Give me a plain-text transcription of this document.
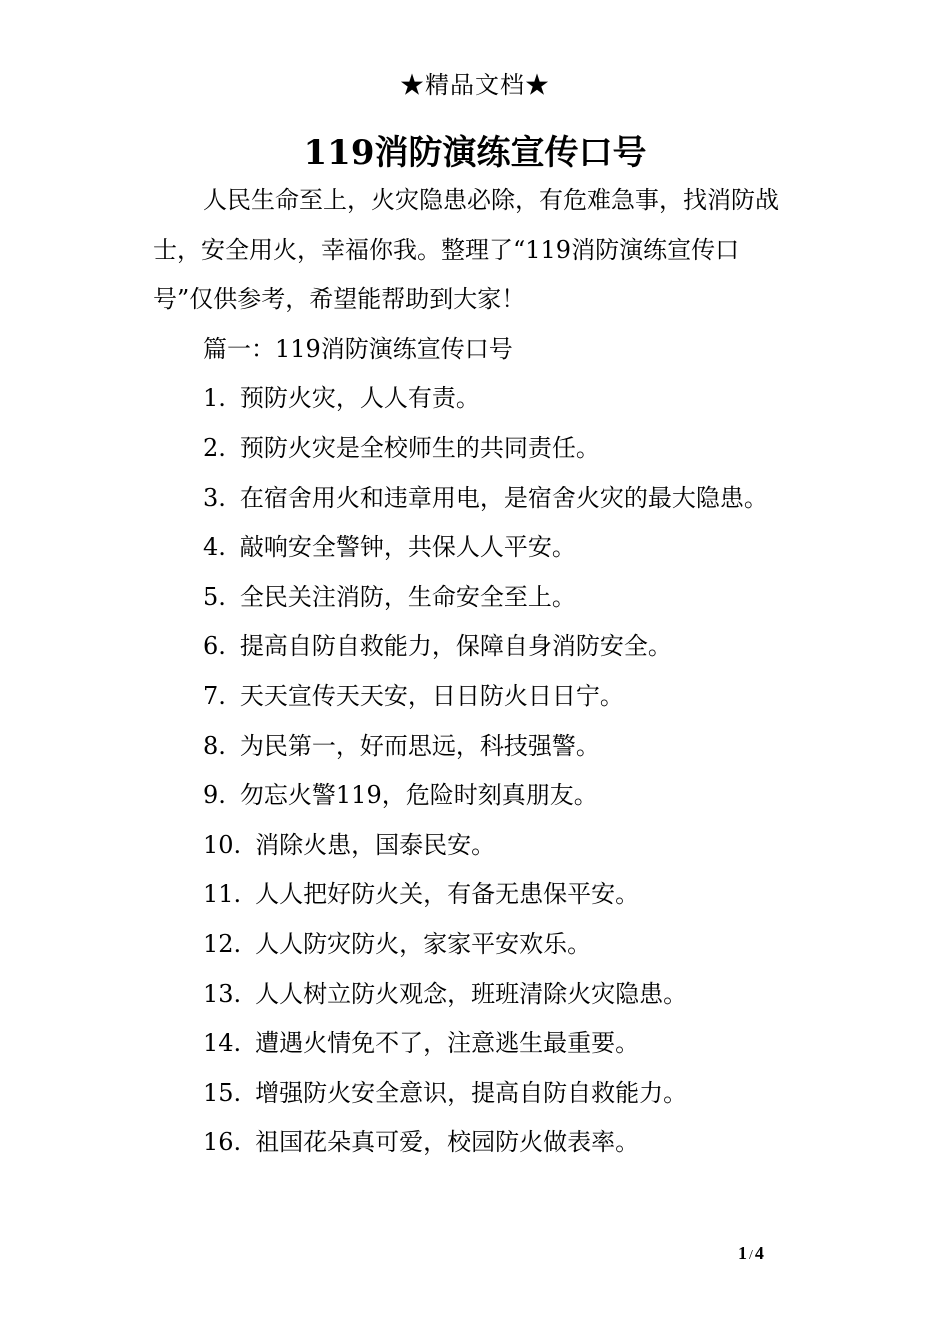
★精品文档★
119消防演练宣传口号

人民生命至上，火灾隐患必除，有危难急事，找消防战士，安全用火，幸福你我。整理了“119消防演练宣传口号”仅供参考，希望能帮助到大家！

篇一：119消防演练宣传口号

1. 预防火灾，人人有责。
2. 预防火灾是全校师生的共同责任。
3. 在宿舍用火和违章用电，是宿舍火灾的最大隐患。
4. 敲响安全警钟，共保人人平安。
5. 全民关注消防，生命安全至上。
6. 提高自防自救能力，保障自身消防安全。
7. 天天宣传天天安，日日防火日日宁。
8. 为民第一，好而思远，科技强警。
9. 勿忘火警119，危险时刻真朋友。
10. 消除火患，国泰民安。
11. 人人把好防火关，有备无患保平安。
12. 人人防灾防火，家家平安欢乐。
13. 人人树立防火观念，班班清除火灾隐患。
14. 遭遇火情免不了，注意逃生最重要。
15. 增强防火安全意识，提高自防自救能力。
16. 祖国花朵真可爱，校园防火做表率。
1 / 4
